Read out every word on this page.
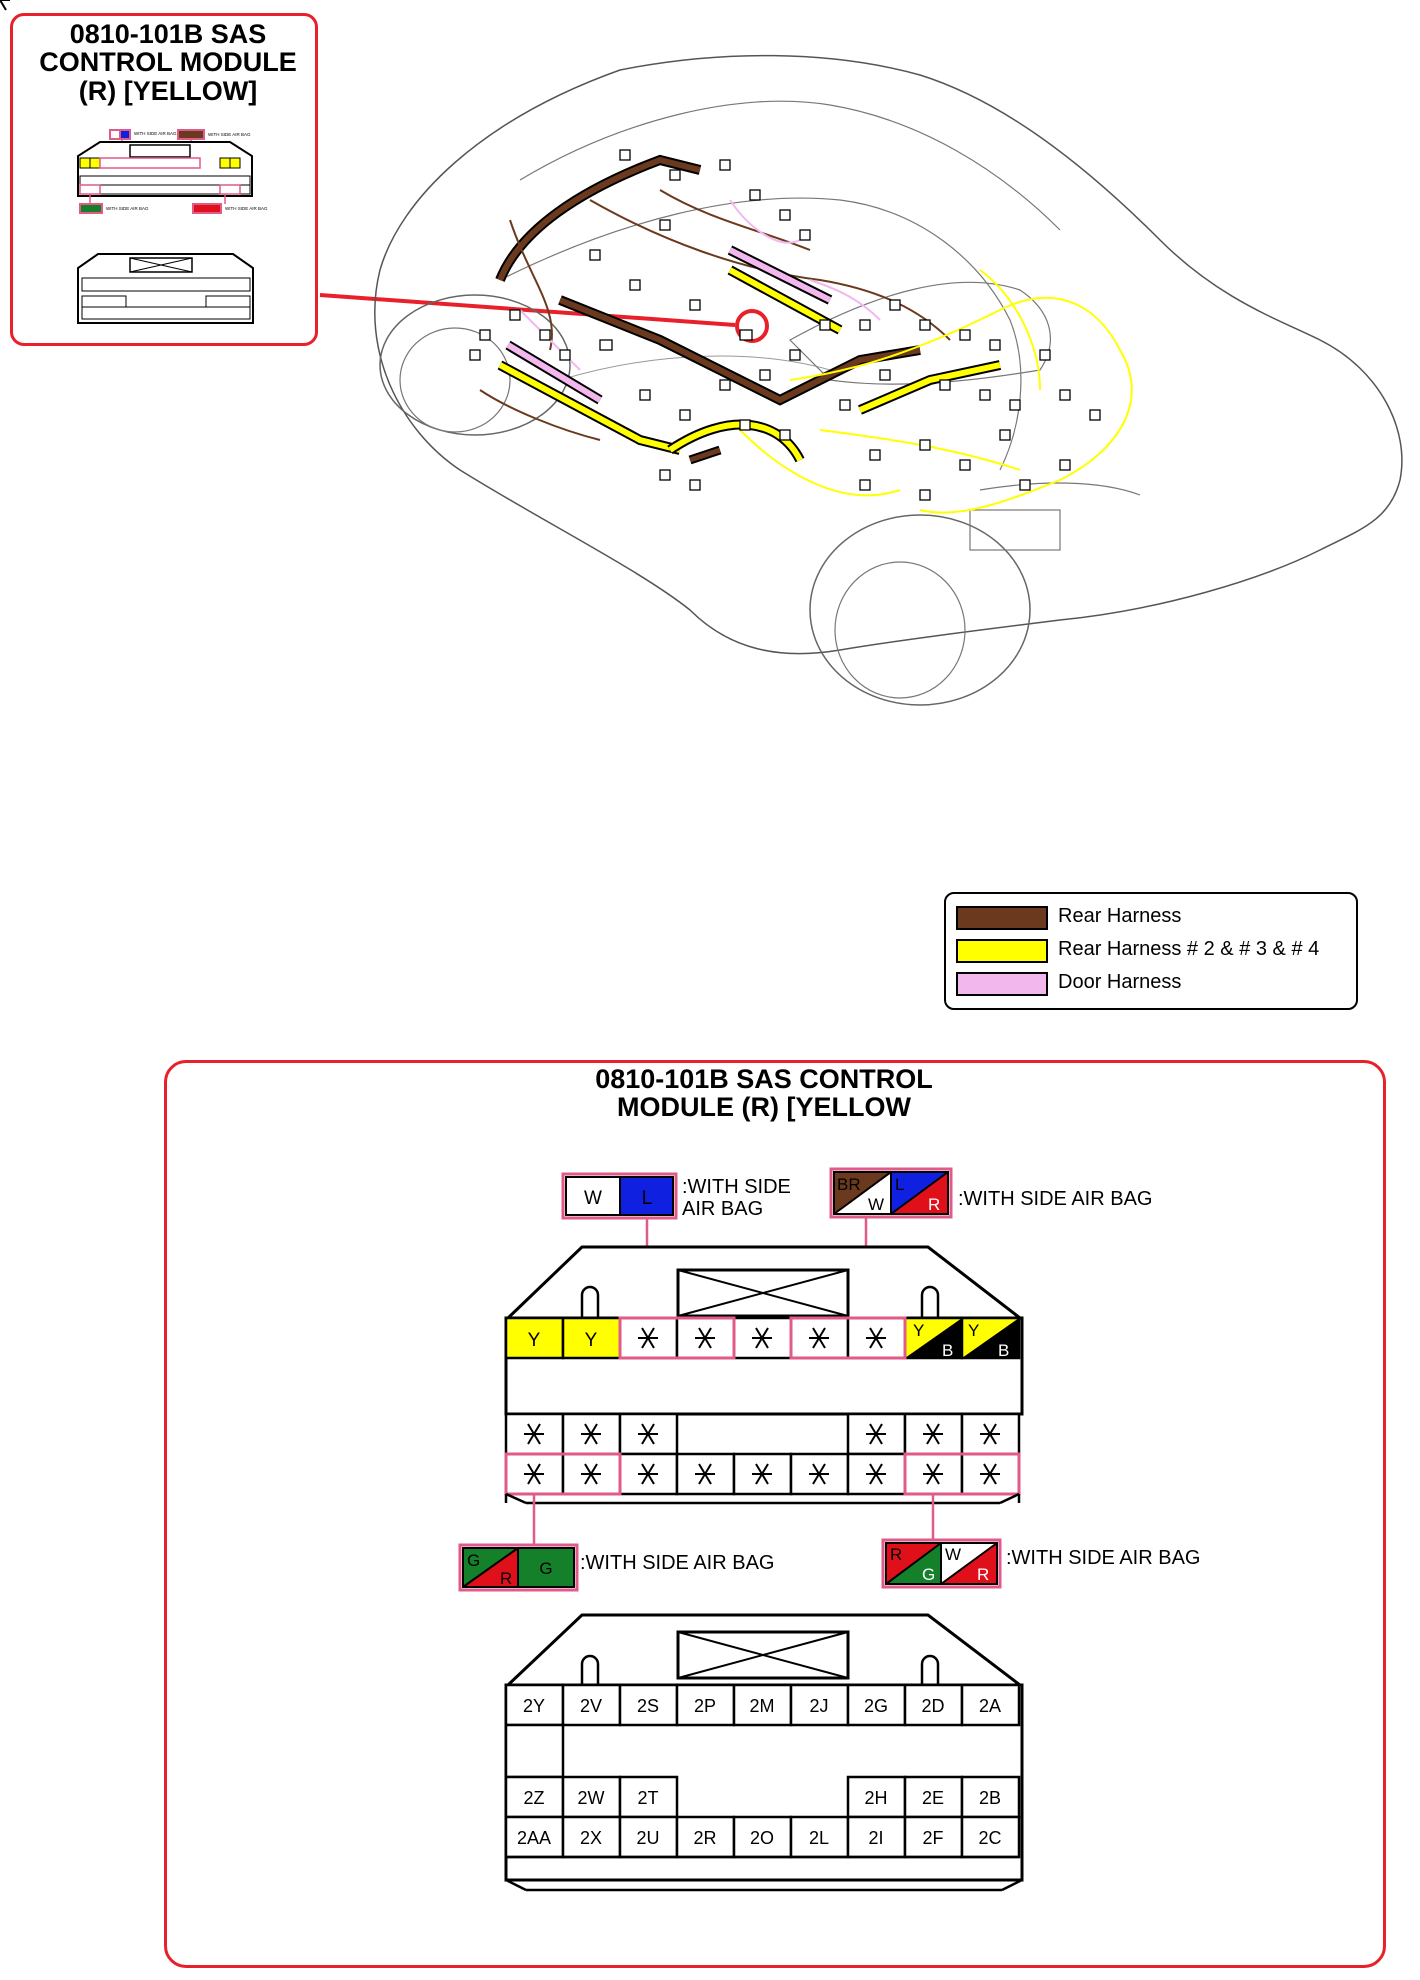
0810-101B SAS CONTROL MODULE (R) [YELLOW]
WITH SIDE AIR BAG	WITH SIDE AIR BAG
WITH SIDE AIR BAG	WITH SIDE AIR BAG
Rear Harness
Rear Harness # 2 & # 3 & # 4
Door Harness
0810-101B SAS CONTROL MODULE (R) [YELLOW
:WITH SIDE AIR BAG	:WITH SIDE AIR BAG
:WITH SIDE AIR BAG	:WITH SIDE AIR BAG
W L
BR
W
L
R
Y Y	Y
B
Y
B
G
R
G
R
G
W
R
2Y 2V 2S 2P 2M 2J 2G 2D 2A
2Z 2W 2T	2H 2E 2B
2AA 2X 2U 2R 2O 2L 2I 2F 2C
